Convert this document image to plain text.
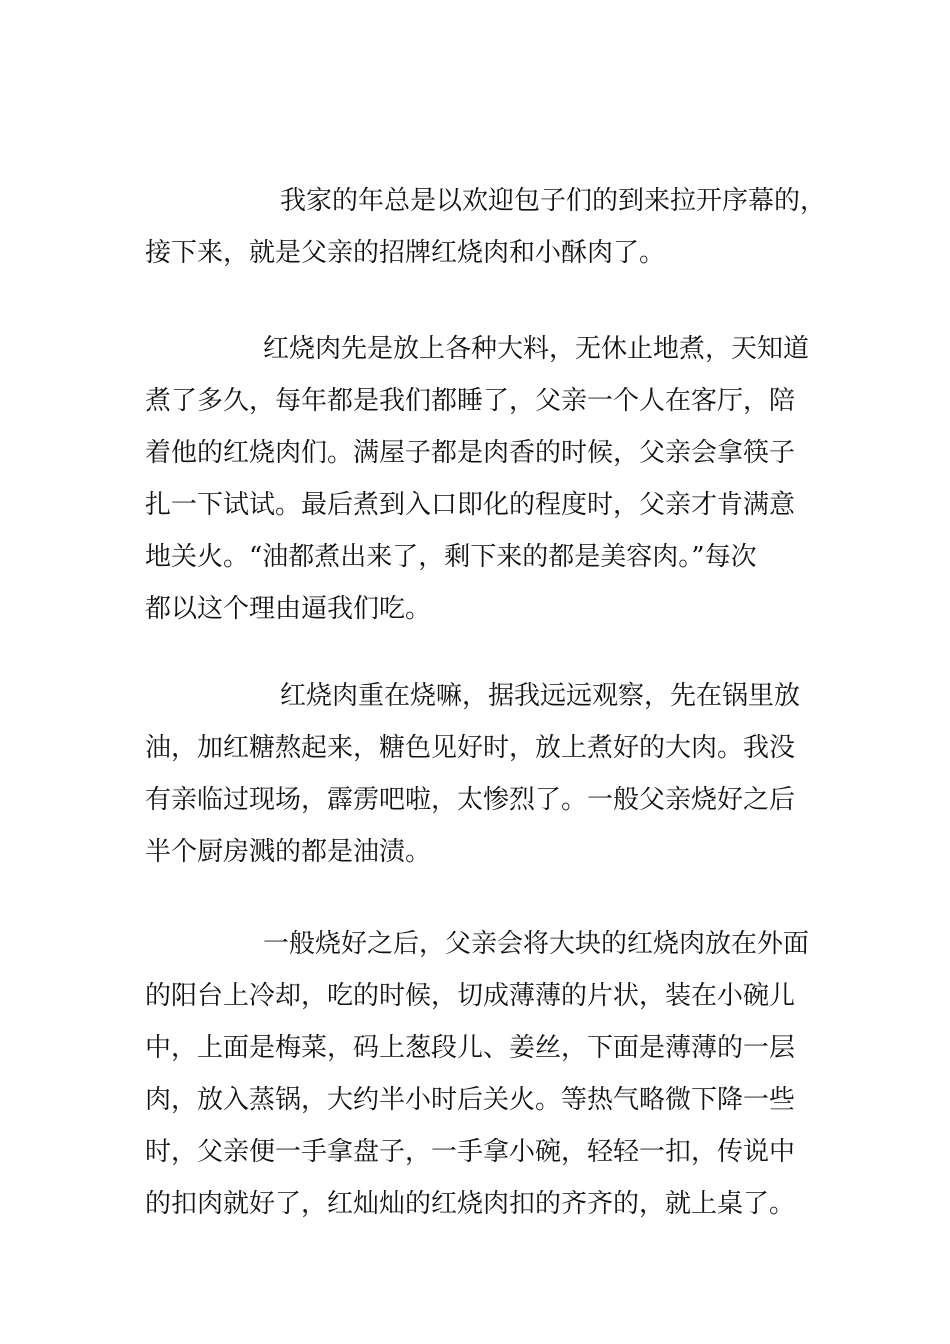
我家的年总是以欢迎包子们的到来拉开序幕的，
接下来，就是父亲的招牌红烧肉和小酥肉了。
红烧肉先是放上各种大料，无休止地煮，天知道
煮了多久，每年都是我们都睡了，父亲一个人在客厅，陪
着他的红烧肉们。满屋子都是肉香的时候，父亲会拿筷子
扎一下试试。最后煮到入口即化的程度时，父亲才肯满意
地关火。“油都煮出来了，剩下来的都是美容肉。”每次
都以这个理由逼我们吃。
红烧肉重在烧嘛，据我远远观察，先在锅里放
油，加红糖熬起来，糖色见好时，放上煮好的大肉。我没
有亲临过现场，霹雳吧啦，太惨烈了。一般父亲烧好之后
半个厨房溅的都是油渍。
一般烧好之后，父亲会将大块的红烧肉放在外面
的阳台上冷却，吃的时候，切成薄薄的片状，装在小碗儿
中，上面是梅菜，码上葱段儿、姜丝，下面是薄薄的一层
肉，放入蒸锅，大约半小时后关火。等热气略微下降一些
时，父亲便一手拿盘子，一手拿小碗，轻轻一扣，传说中
的扣肉就好了，红灿灿的红烧肉扣的齐齐的，就上桌了。
